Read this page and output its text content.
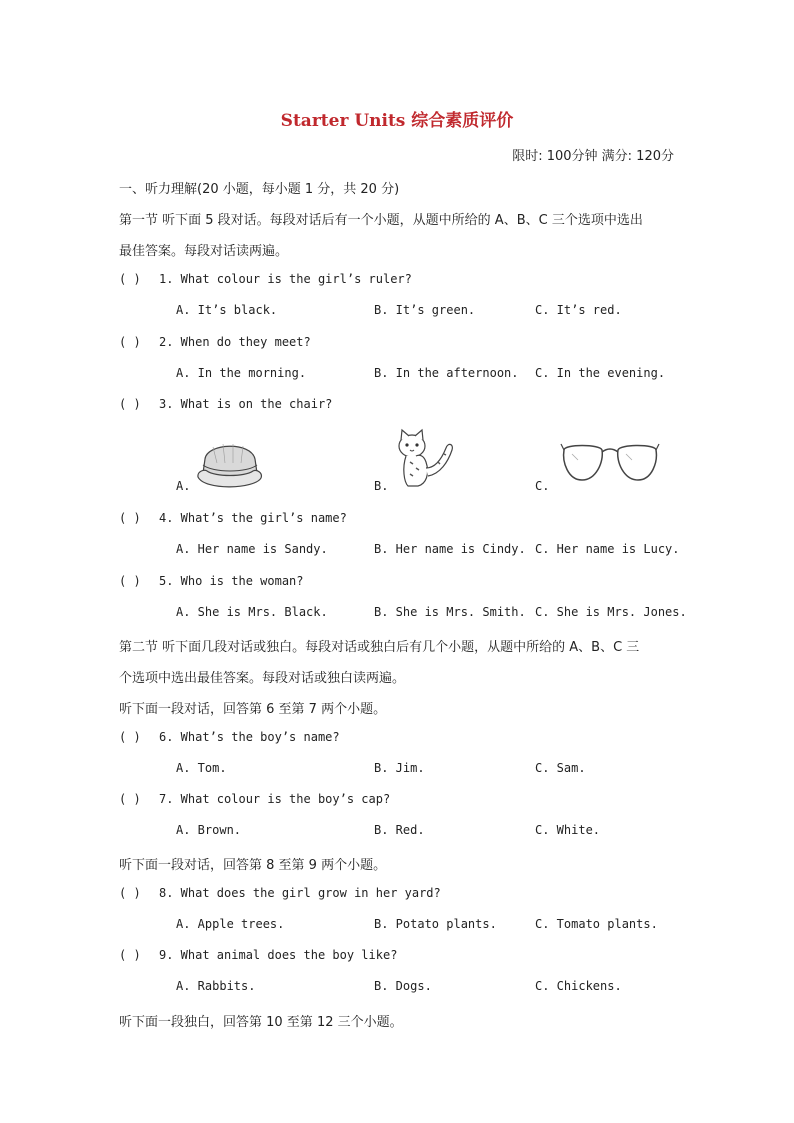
Starter Units 综合素质评价
限时: 100分钟 满分: 120分
一、听力理解(20 小题，每小题 1 分，共 20 分)
第一节 听下面 5 段对话。每段对话后有一个小题，从题中所给的 A、B、C 三个选项中选出
最佳答案。每段对话读两遍。
( ) 1. What colour is the girl’s ruler?
A. It’s black.	B. It’s green.	C. It’s red.
( ) 2. When do they meet?
A. In the morning.	B. In the afternoon. C. In the evening.
( ) 3. What is on the chair?
A.	B.	C.
( ) 4. What’s the girl’s name?
A. Her name is Sandy.	B. Her name is Cindy. C. Her name is Lucy.
( ) 5. Who is the woman?
A. She is Mrs. Black.	B. She is Mrs. Smith. C. She is Mrs. Jones.
第二节 听下面几段对话或独白。每段对话或独白后有几个小题，从题中所给的 A、B、C 三
个选项中选出最佳答案。每段对话或独白读两遍。
听下面一段对话，回答第 6 至第 7 两个小题。
( ) 6. What’s the boy’s name?
A. Tom.	B. Jim.	C. Sam.
( ) 7. What colour is the boy’s cap?
A. Brown.	B. Red.	C. White.
听下面一段对话，回答第 8 至第 9 两个小题。
( ) 8. What does the girl grow in her yard?
A. Apple trees.	B. Potato plants.	C. Tomato plants.
( ) 9. What animal does the boy like?
A. Rabbits.	B. Dogs.	C. Chickens.
听下面一段独白，回答第 10 至第 12 三个小题。
